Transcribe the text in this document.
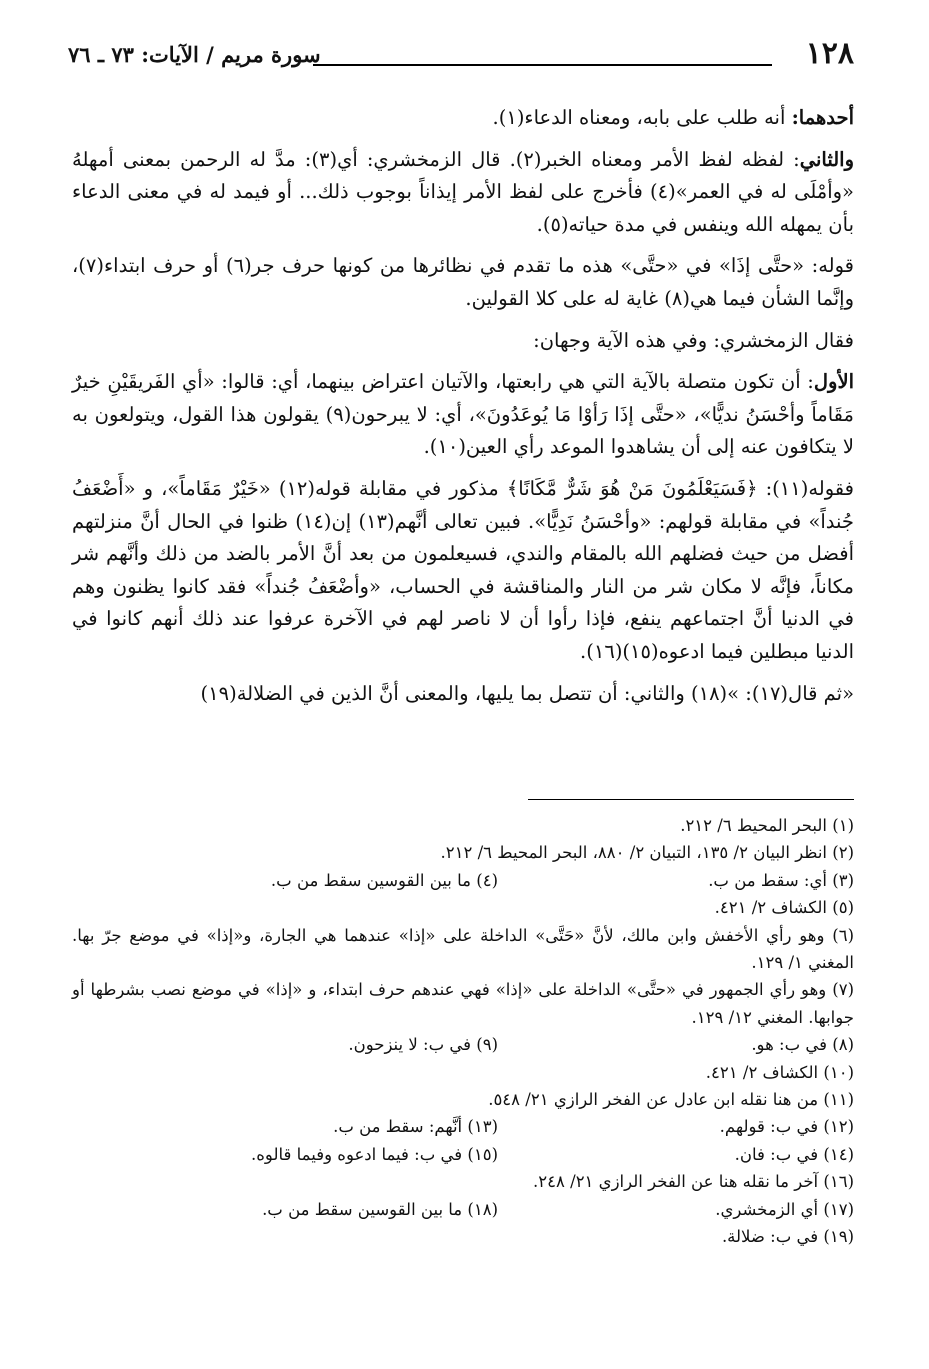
١٢٨
سورة مريم / الآيات: ٧٣ ـ ٧٦

أحدهما: أنه طلب على بابه، ومعناه الدعاء(١).

والثاني: لفظه لفظ الأمر ومعناه الخبر(٢). قال الزمخشري: أي(٣): مدَّ له الرحمن بمعنى أمهلهُ «وأمْلَى له في العمر»(٤) فأخرج على لفظ الأمر إيذاناً بوجوب ذلك... أو فيمد له في معنى الدعاء بأن يمهله الله وينفس في مدة حياته(٥).

قوله: «حتَّى إذَا» في «حتَّى» هذه ما تقدم في نظائرها من كونها حرف جر(٦) أو حرف ابتداء(٧)، وإنَّما الشأن فيما هي(٨) غاية له على كلا القولين.

فقال الزمخشري: وفي هذه الآية وجهان:

الأول: أن تكون متصلة بالآية التي هي رابعتها، والآتيان اعتراض بينهما، أي: قالوا: «أي الفَريقَيْنِ خيرٌ مَقَاماً وأحْسَنُ نديًّا»، «حتَّى إذَا رَأوْا مَا يُوعَدُونَ»، أي: لا يبرحون(٩) يقولون هذا القول، ويتولعون به لا يتكافون عنه إلى أن يشاهدوا الموعد رأي العين(١٠).

فقوله(١١): ﴿فَسَيَعْلَمُونَ مَنْ هُوَ شَرٌّ مَّكَانًا﴾ مذكور في مقابلة قوله(١٢) «خَيْرٌ مَقَاماً»، و «أَضْعَفُ جُنداً» في مقابلة قولهم: «وأحْسَنُ نَدِيًّا». فبين تعالى أنَّهم(١٣) إن(١٤) ظنوا في الحال أنَّ منزلتهم أفضل من حيث فضلهم الله بالمقام والندي، فسيعلمون من بعد أنَّ الأمر بالضد من ذلك وأنَّهم شر مكاناً، فإنَّه لا مكان شر من النار والمناقشة في الحساب، «وأضْعَفُ جُنداً» فقد كانوا يظنون وهم في الدنيا أنَّ اجتماعهم ينفع، فإذا رأوا أن لا ناصر لهم في الآخرة عرفوا عند ذلك أنهم كانوا في الدنيا مبطلين فيما ادعوه(١٥)(١٦).

«ثم قال(١٧): »(١٨) والثاني: أن تتصل بما يليها، والمعنى أنَّ الذين في الضلالة(١٩)

(١) البحر المحيط ٦/ ٢١٢.
(٢) انظر البيان ٢/ ١٣٥، التبيان ٢/ ٨٨٠، البحر المحيط ٦/ ٢١٢.
(٣) أي: سقط من ب.
(٤) ما بين القوسين سقط من ب.
(٥) الكشاف ٢/ ٤٢١.
(٦) وهو رأي الأخفش وابن مالك، لأنَّ «حَتَّى» الداخلة على «إذا» عندهما هي الجارة، و«إذا» في موضع جرّ بها. المغني ١/ ١٢٩.
(٧) وهو رأي الجمهور في «حتَّى» الداخلة على «إذا» فهي عندهم حرف ابتداء، و «إذا» في موضع نصب بشرطها أو جوابها. المغني ١٢/ ١٢٩.
(٨) في ب: هو.
(٩) في ب: لا ينزحون.
(١٠) الكشاف ٢/ ٤٢١.
(١١) من هنا نقله ابن عادل عن الفخر الرازي ٢١/ ٥٤٨.
(١٢) في ب: قولهم.
(١٣) أنَّهم: سقط من ب.
(١٤) في ب: فان.
(١٥) في ب: فيما ادعوه وفيما قالوه.
(١٦) آخر ما نقله هنا عن الفخر الرازي ٢١/ ٢٤٨.
(١٧) أي الزمخشري.
(١٨) ما بين القوسين سقط من ب.
(١٩) في ب: ضلالة.
